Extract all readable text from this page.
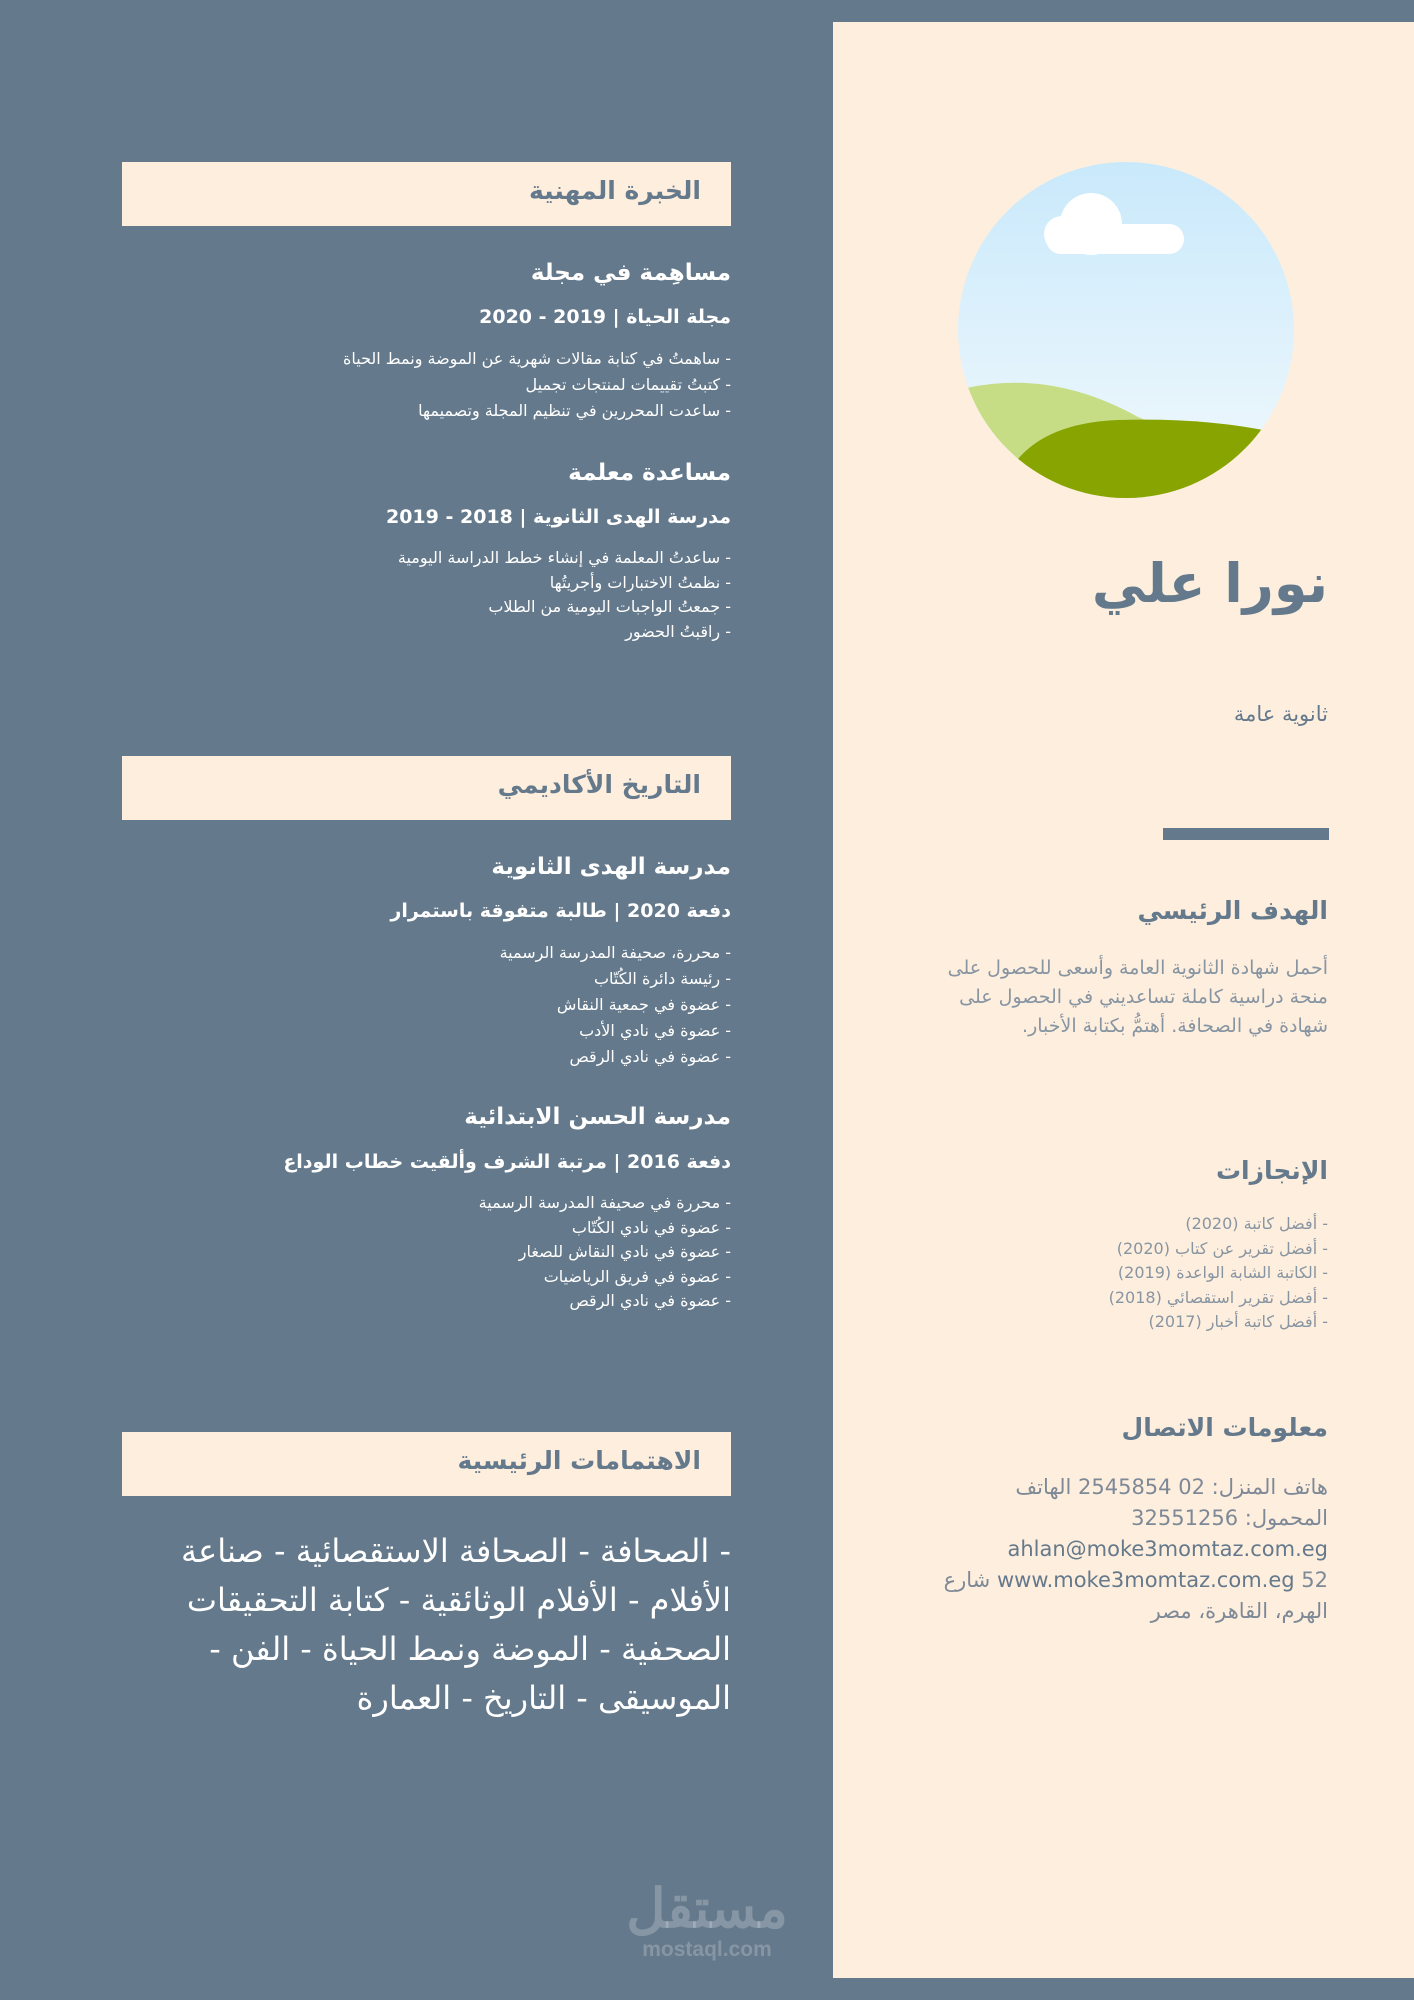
نورا علي
ثانوية عامة
الهدف الرئيسي
أحمل شهادة الثانوية العامة وأسعى للحصول على منحة دراسية كاملة تساعديني في الحصول على شهادة في الصحافة. أهتمُّ بكتابة الأخبار.
الإنجازات
- أفضل كاتبة (2020)
- أفضل تقرير عن كتاب (2020)
- الكاتبة الشابة الواعدة (2019)
- أفضل تقرير استقصائي (2018)
- أفضل كاتبة أخبار (2017)
معلومات الاتصال

هاتف المنزل: 02 2545854 الهاتف

المحمول: 32551256

ahlan@moke3momtaz.com.eg

52 www.moke3momtaz.com.eg شارع

الهرم، القاهرة، مصر

الخبرة المهنية
مساهِمة في مجلة
مجلة الحياة | 2019 - 2020
- ساهمتُ في كتابة مقالات شهرية عن الموضة ونمط الحياة
- كتبتُ تقييمات لمنتجات تجميل
- ساعدت المحررين في تنظيم المجلة وتصميمها
مساعدة معلمة
مدرسة الهدى الثانوية | 2018 - 2019
- ساعدتُ المعلمة في إنشاء خطط الدراسة اليومية
- نظمتُ الاختبارات وأجريتُها
- جمعتُ الواجبات اليومية من الطلاب
- راقبتُ الحضور
التاريخ الأكاديمي
مدرسة الهدى الثانوية
دفعة 2020 | طالبة متفوقة باستمرار
- محررة، صحيفة المدرسة الرسمية
- رئيسة دائرة الكُتّاب
- عضوة في جمعية النقاش
- عضوة في نادي الأدب
- عضوة في نادي الرقص
مدرسة الحسن الابتدائية
دفعة 2016 | مرتبة الشرف وألقيت خطاب الوداع
- محررة في صحيفة المدرسة الرسمية
- عضوة في نادي الكُتّاب
- عضوة في نادي النقاش للصغار
- عضوة في فريق الرياضيات
- عضوة في نادي الرقص
الاهتمامات الرئيسية
- الصحافة - الصحافة الاستقصائية - صناعة الأفلام - الأفلام الوثائقية - كتابة التحقيقات الصحفية - الموضة ونمط الحياة - الفن - الموسيقى - التاريخ - العمارة
مستقل
mostaql.com
